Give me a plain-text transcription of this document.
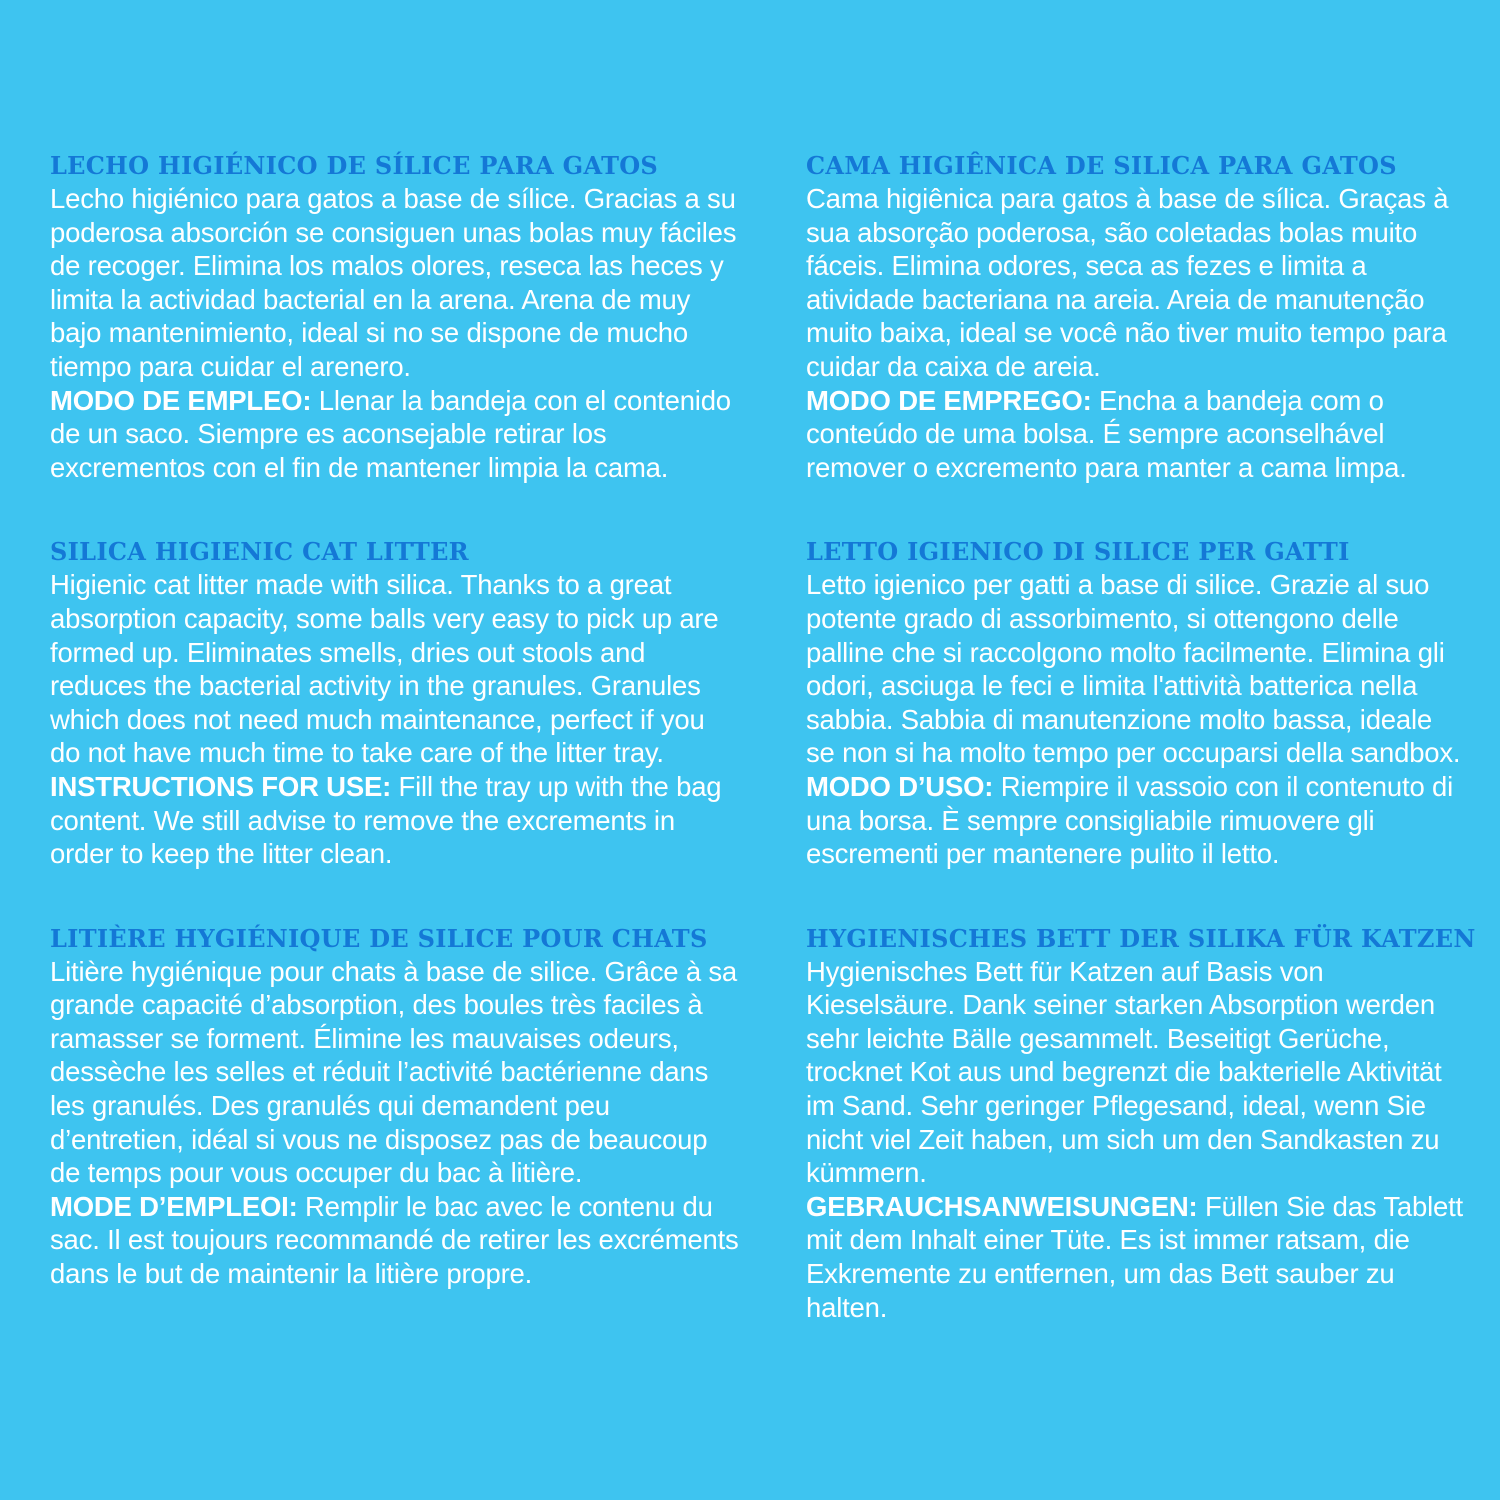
LECHO HIGIÉNICO DE SÍLICE PARA GATOS

Lecho higiénico para gatos a base de sílice. Gracias a su poderosa absorción se consiguen unas bolas muy fáciles de recoger. Elimina los malos olores, reseca las heces y limita la actividad bacterial en la arena. Arena de muy bajo mantenimiento, ideal si no se dispone de mucho tiempo para cuidar el arenero.
MODO DE EMPLEO: Llenar la bandeja con el contenido de un saco. Siempre es aconsejable retirar los excrementos con el fin de mantener limpia la cama.

SILICA HIGIENIC CAT LITTER

Higienic cat litter made with silica. Thanks to a great absorption capacity, some balls very easy to pick up are formed up. Eliminates smells, dries out stools and reduces the bacterial activity in the granules. Granules which does not need much maintenance, perfect if you do not have much time to take care of the litter tray.
INSTRUCTIONS FOR USE: Fill the tray up with the bag content. We still advise to remove the excrements in order to keep the litter clean.

LITIÈRE HYGIÉNIQUE DE SILICE POUR CHATS

Litière hygiénique pour chats à base de silice. Grâce à sa grande capacité d’absorption, des boules très faciles à ramasser se forment. Élimine les mauvaises odeurs, dessèche les selles et réduit l’activité bactérienne dans les granulés. Des granulés qui demandent peu d’entretien, idéal si vous ne disposez pas de beaucoup de temps pour vous occuper du bac à litière.
MODE D’EMPLEOI: Remplir le bac avec le contenu du sac. Il est toujours recommandé de retirer les excréments dans le but de maintenir la litière propre.

CAMA HIGIÊNICA DE SILICA PARA GATOS

Cama higiênica para gatos à base de sílica. Graças à sua absorção poderosa, são coletadas bolas muito fáceis. Elimina odores, seca as fezes e limita a atividade bacteriana na areia. Areia de manutenção muito baixa, ideal se você não tiver muito tempo para cuidar da caixa de areia.
MODO DE EMPREGO: Encha a bandeja com o conteúdo de uma bolsa. É sempre aconselhável remover o excremento para manter a cama limpa.

LETTO IGIENICO DI SILICE PER GATTI

Letto igienico per gatti a base di silice. Grazie al suo potente grado di assorbimento, si ottengono delle palline che si raccolgono molto facilmente. Elimina gli odori, asciuga le feci e limita l'attività batterica nella sabbia. Sabbia di manutenzione molto bassa, ideale se non si ha molto tempo per occuparsi della sandbox.
MODO D’USO: Riempire il vassoio con il contenuto di una borsa. È sempre consigliabile rimuovere gli escrementi per mantenere pulito il letto.

HYGIENISCHES BETT DER SILIKA FÜR KATZEN

Hygienisches Bett für Katzen auf Basis von Kieselsäure. Dank seiner starken Absorption werden sehr leichte Bälle gesammelt. Beseitigt Gerüche, trocknet Kot aus und begrenzt die bakterielle Aktivität im Sand. Sehr geringer Pflegesand, ideal, wenn Sie nicht viel Zeit haben, um sich um den Sandkasten zu kümmern.
GEBRAUCHSANWEISUNGEN: Füllen Sie das Tablett mit dem Inhalt einer Tüte. Es ist immer ratsam, die Exkremente zu entfernen, um das Bett sauber zu halten.
